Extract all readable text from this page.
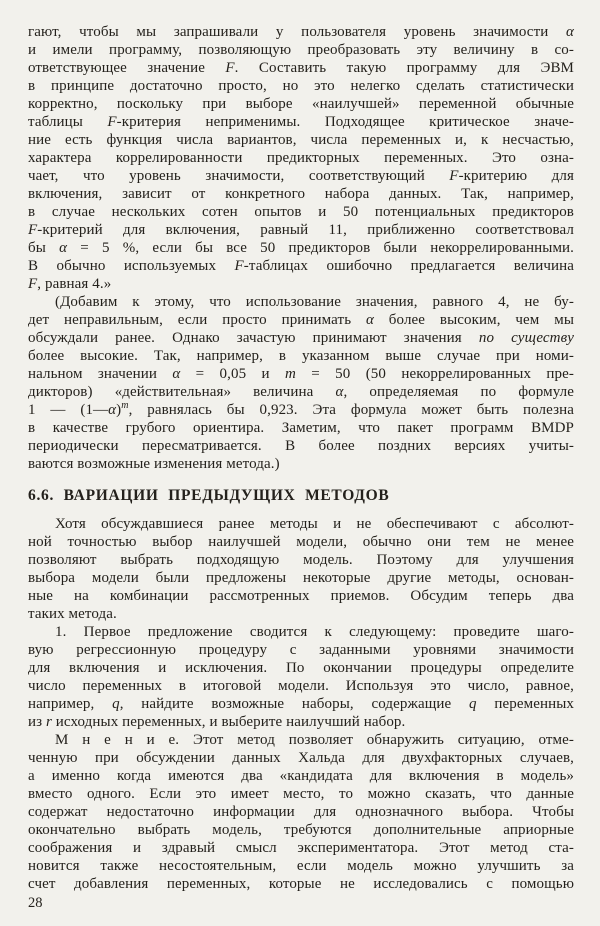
гают, чтобы мы запрашивали у пользователя уровень значимости α
и имели программу, позволяющую преобразовать эту величину в со-
ответствующее значение F. Составить такую программу для ЭВМ
в принципе достаточно просто, но это нелегко сделать статистически
корректно, поскольку при выборе «наилучшей» переменной обычные
таблицы F-критерия неприменимы. Подходящее критическое значе-
ние есть функция числа вариантов, числа переменных и, к несчастью,
характера коррелированности предикторных переменных. Это озна-
чает, что уровень значимости, соответствующий F-критерию для
включения, зависит от конкретного набора данных. Так, например,
в случае нескольких сотен опытов и 50 потенциальных предикторов
F-критерий для включения, равный 11, приближенно соответствовал
бы α = 5 %, если бы все 50 предикторов были некоррелированными.
В обычно используемых F-таблицах ошибочно предлагается величина
F, равная 4.»
(Добавим к этому, что использование значения, равного 4, не бу-
дет неправильным, если просто принимать α более высоким, чем мы
обсуждали ранее. Однако зачастую принимают значения по существу
более высокие. Так, например, в указанном выше случае при номи-
нальном значении α = 0,05 и m = 50 (50 некоррелированных пре-
дикторов) «действительная» величина α, определяемая по формуле
1 — (1—α)$^m$, равнялась бы 0,923. Эта формула может быть полезна
в качестве грубого ориентира. Заметим, что пакет программ BMDP
периодически пересматривается. В более поздних версиях учиты-
ваются возможные изменения метода.)
6.6. ВАРИАЦИИ ПРЕДЫДУЩИХ МЕТОДОВ
Хотя обсуждавшиеся ранее методы и не обеспечивают с абсолют-
ной точностью выбор наилучшей модели, обычно они тем не менее
позволяют выбрать подходящую модель. Поэтому для улучшения
выбора модели были предложены некоторые другие методы, основан-
ные на комбинации рассмотренных приемов. Обсудим теперь два
таких метода.
1. Первое предложение сводится к следующему: проведите шаго-
вую регрессионную процедуру с заданными уровнями значимости
для включения и исключения. По окончании процедуры определите
число переменных в итоговой модели. Используя это число, равное,
например, q, найдите возможные наборы, содержащие q переменных
из r исходных переменных, и выберите наилучший набор.
М н е н и е. Этот метод позволяет обнаружить ситуацию, отме-
ченную при обсуждении данных Хальда для двухфакторных случаев,
а именно когда имеются два «кандидата для включения в модель»
вместо одного. Если это имеет место, то можно сказать, что данные
содержат недостаточно информации для однозначного выбора. Чтобы
окончательно выбрать модель, требуются дополнительные априорные
соображения и здравый смысл экспериментатора. Этот метод ста-
новится также несостоятельным, если модель можно улучшить за
счет добавления переменных, которые не исследовались с помощью
28
